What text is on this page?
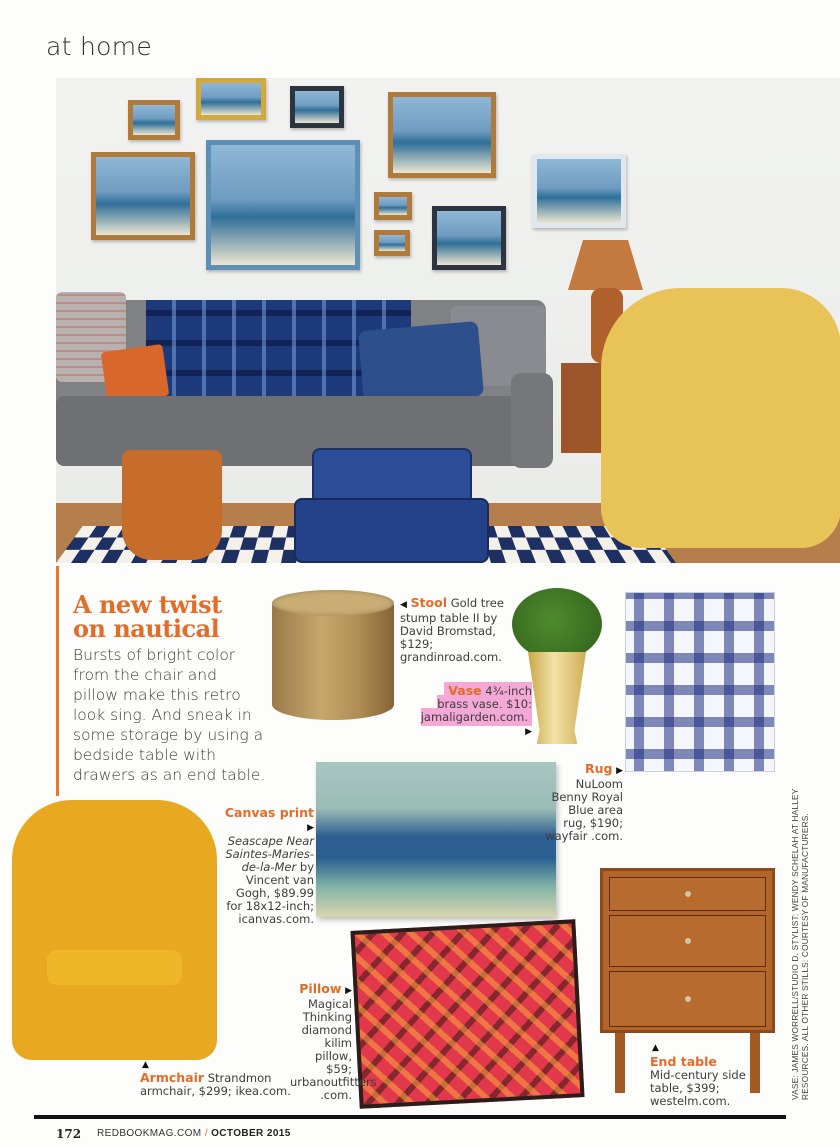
at home
A new twist
on nautical

Bursts of bright color from the chair and pillow make this retro look sing. And sneak in some storage by using a bedside table with drawers as an end table.

◀ Stool Gold tree stump table II by David Bromstad, $129; grandinroad.com.
Vase 4¾-inch brass vase, $10; jamaligarden.com. ▶
Rug ▶
NuLoom Benny Royal Blue area rug, $190; wayfair .com.
Canvas print ▶
Seascape Near Saintes-Maries-de-la-Mer by Vincent van Gogh, $89.99 for 18x12-inch; icanvas.com.
Pillow ▶
Magical Thinking diamond kilim pillow, $59; urbanoutfitters .com.
▲
Armchair Strandmon armchair, $299; ikea.com.
▲
End table
Mid-century side table, $399; westelm.com.
VASE: JAMES WORRELL/STUDIO D. STYLIST: WENDY SCHELAH AT HALLEY RESOURCES. ALL OTHER STILLS: COURTESY OF MANUFACTURERS.
172 REDBOOKMAG.COM / OCTOBER 2015
